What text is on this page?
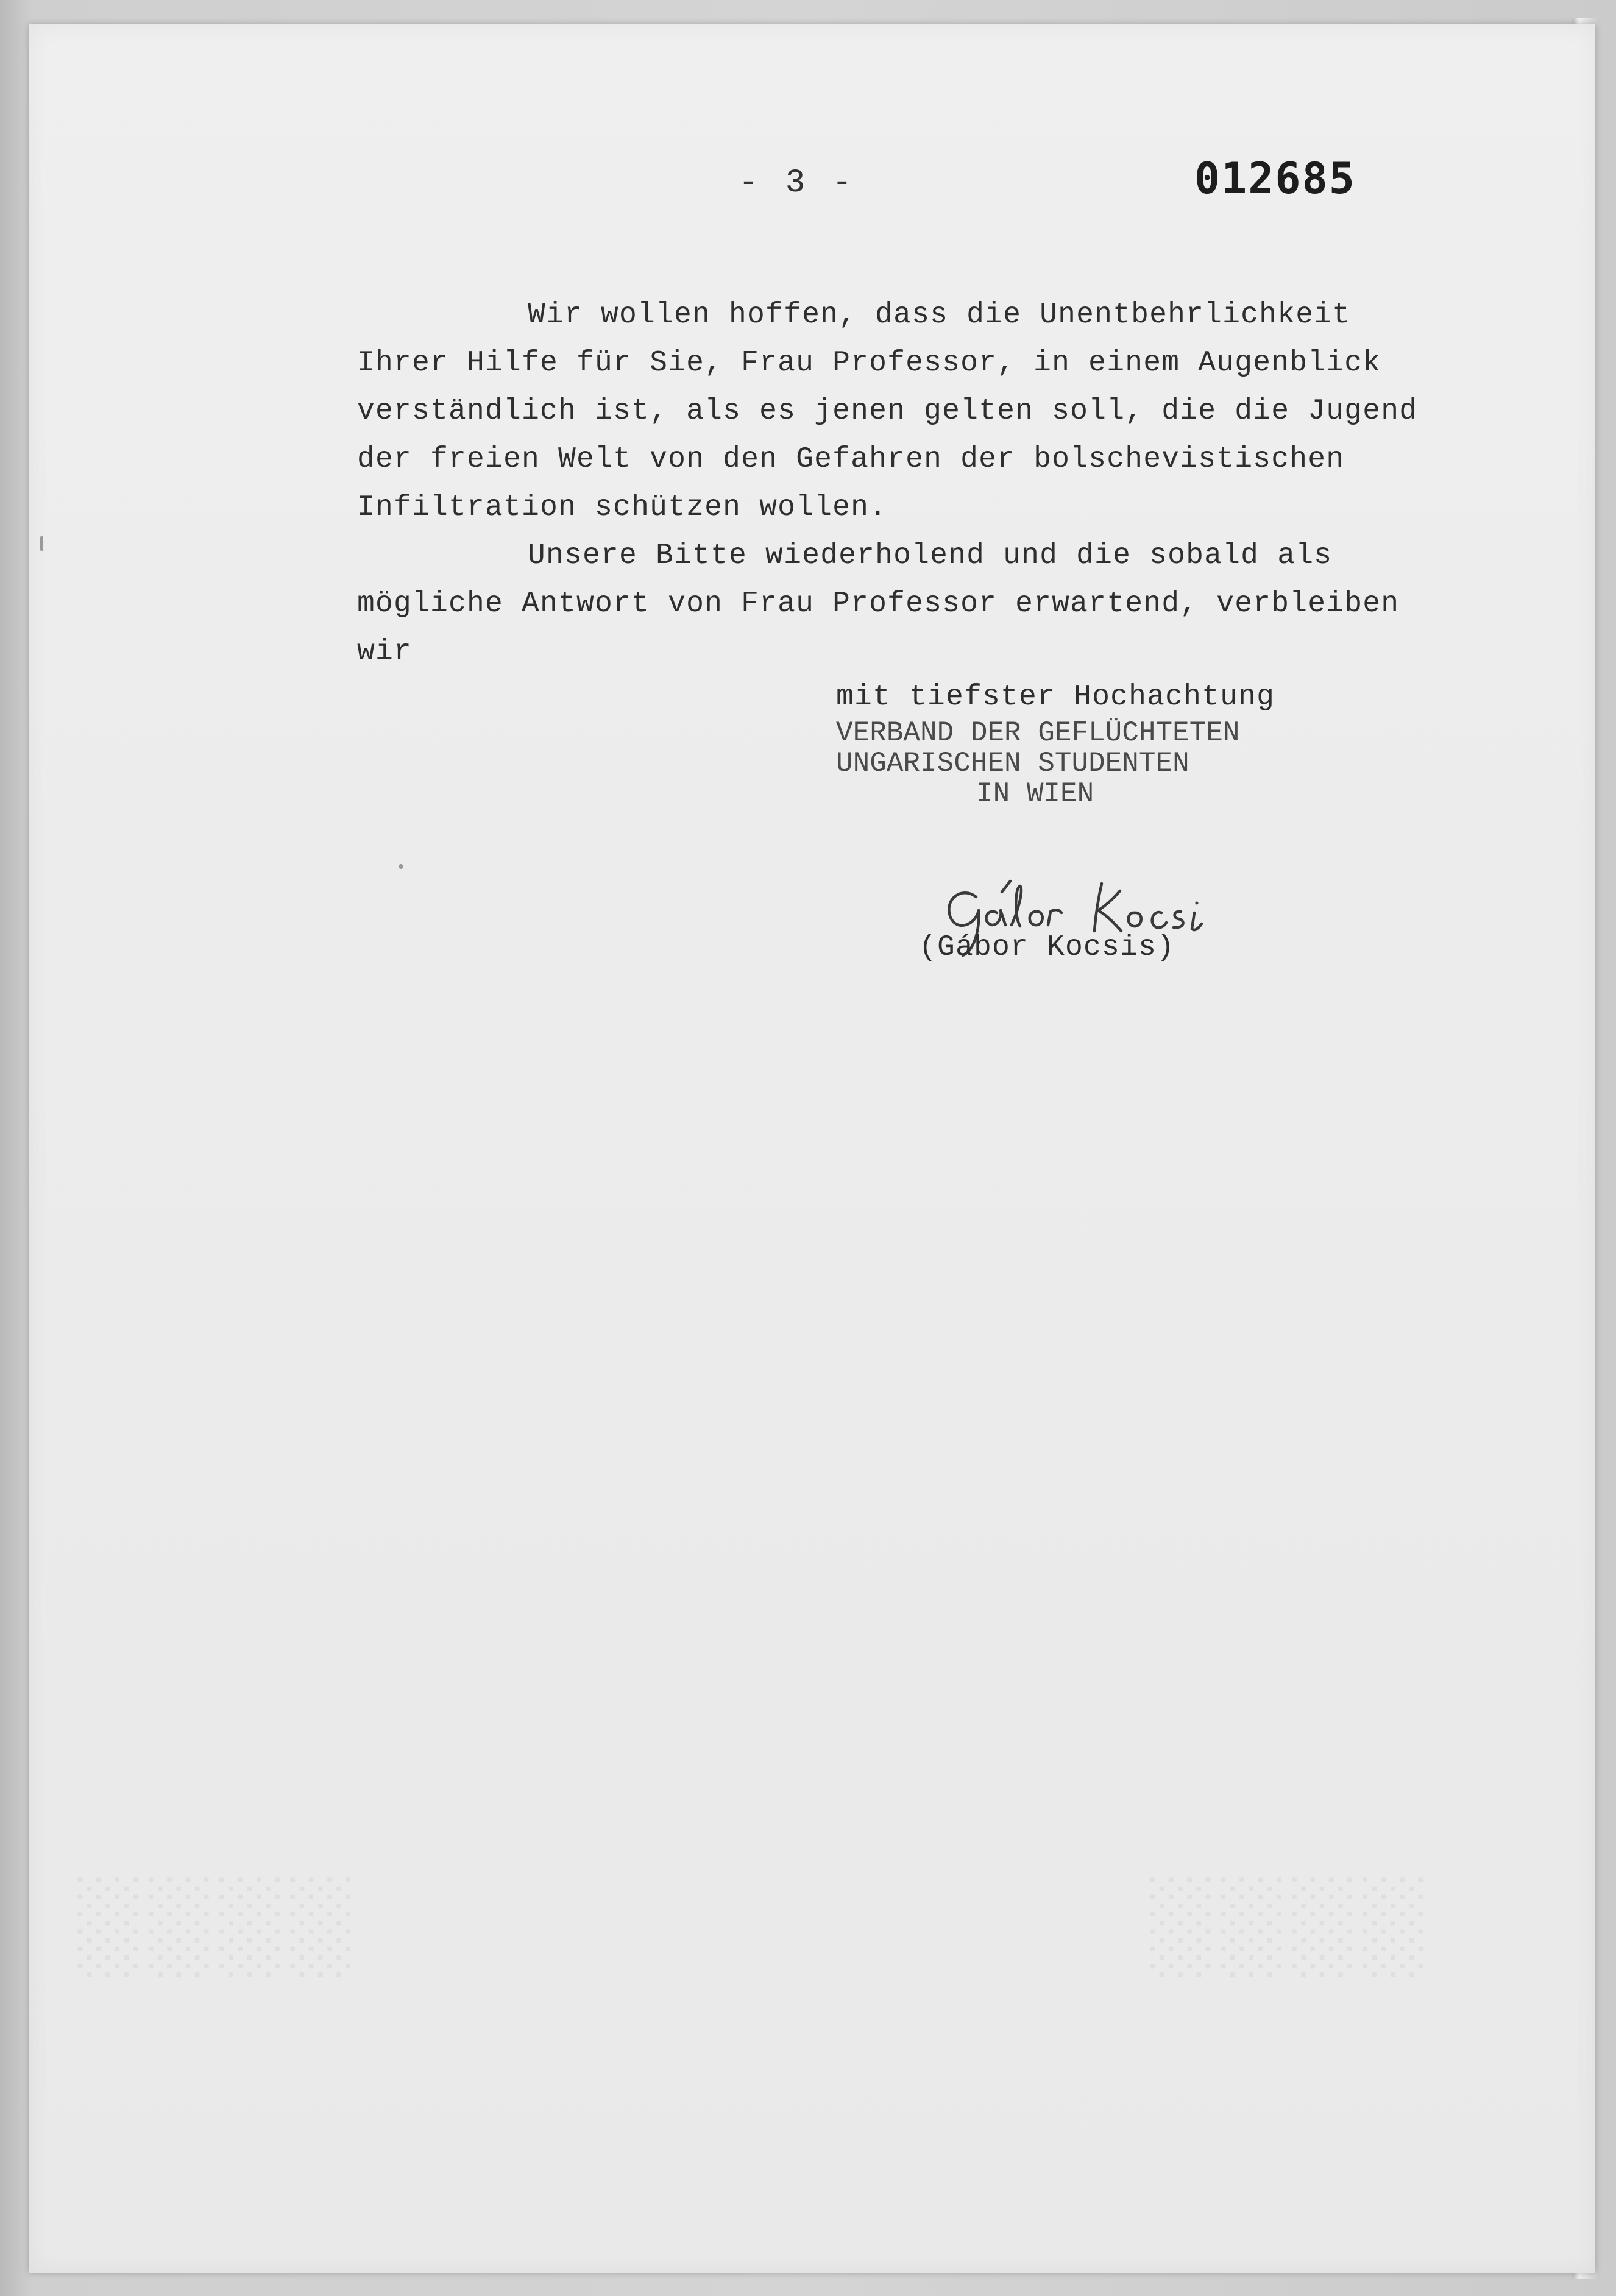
- 3 -	012685
Wir wollen hoffen, dass die Unentbehrlichkeit
Ihrer Hilfe für Sie, Frau Professor, in einem Augenblick
verständlich ist, als es jenen gelten soll, die die Jugend
der freien Welt von den Gefahren der bolschevistischen
Infiltration schützen wollen.
Unsere Bitte wiederholend und die sobald als
mögliche Antwort von Frau Professor erwartend, verbleiben
wir
mit tiefster Hochachtung
VERBAND DER GEFLÜCHTETEN
UNGARISCHEN STUDENTEN
IN WIEN
(Gábor Kocsis)
